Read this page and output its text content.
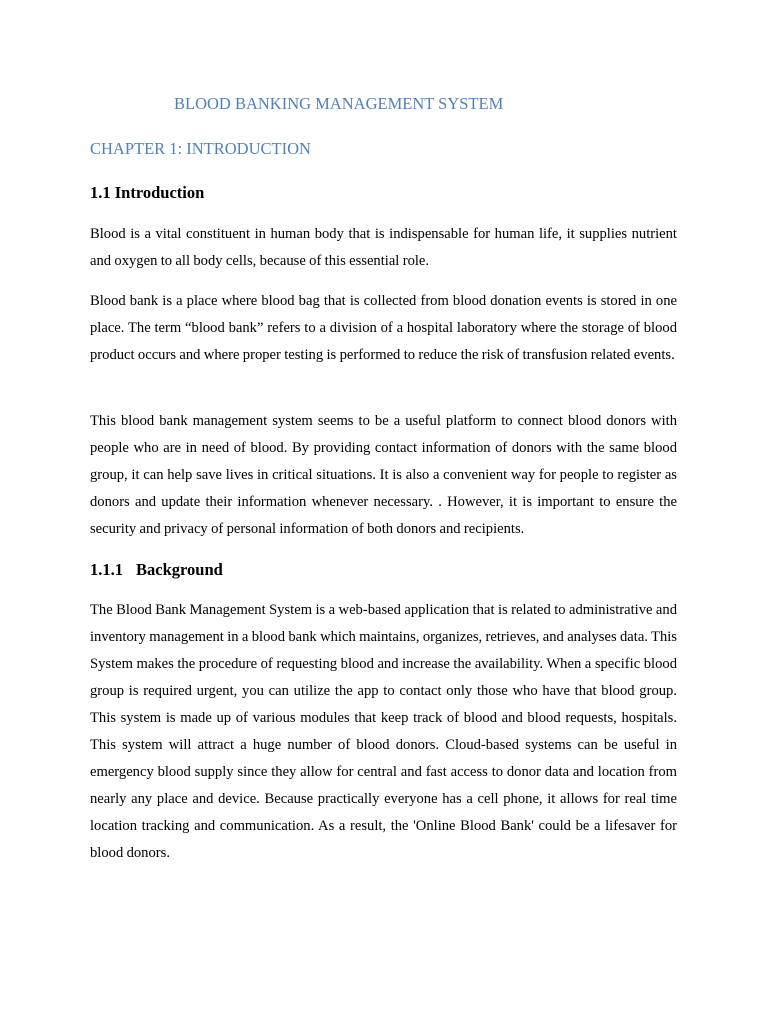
BLOOD BANKING MANAGEMENT SYSTEM
CHAPTER 1: INTRODUCTION
1.1 Introduction

Blood is a vital constituent in human body that is indispensable for human life, it supplies nutrient and oxygen to all body cells, because of this essential role.

Blood bank is a place where blood bag that is collected from blood donation events is stored in one place. The term “blood bank” refers to a division of a hospital laboratory where the storage of blood product occurs and where proper testing is performed to reduce the risk of transfusion related events.

This blood bank management system seems to be a useful platform to connect blood donors with people who are in need of blood. By providing contact information of donors with the same blood group, it can help save lives in critical situations. It is also a convenient way for people to register as donors and update their information whenever necessary. . However, it is important to ensure the security and privacy of personal information of both donors and recipients.

1.1.1 Background

The Blood Bank Management System is a web-based application that is related to administrative and inventory management in a blood bank which maintains, organizes, retrieves, and analyses data. This System makes the procedure of requesting blood and increase the availability. When a specific blood group is required urgent, you can utilize the app to contact only those who have that blood group. This system is made up of various modules that keep track of blood and blood requests, hospitals. This system will attract a huge number of blood donors. Cloud-based systems can be useful in emergency blood supply since they allow for central and fast access to donor data and location from nearly any place and device. Because practically everyone has a cell phone, it allows for real time location tracking and communication. As a result, the 'Online Blood Bank' could be a lifesaver for blood donors.
